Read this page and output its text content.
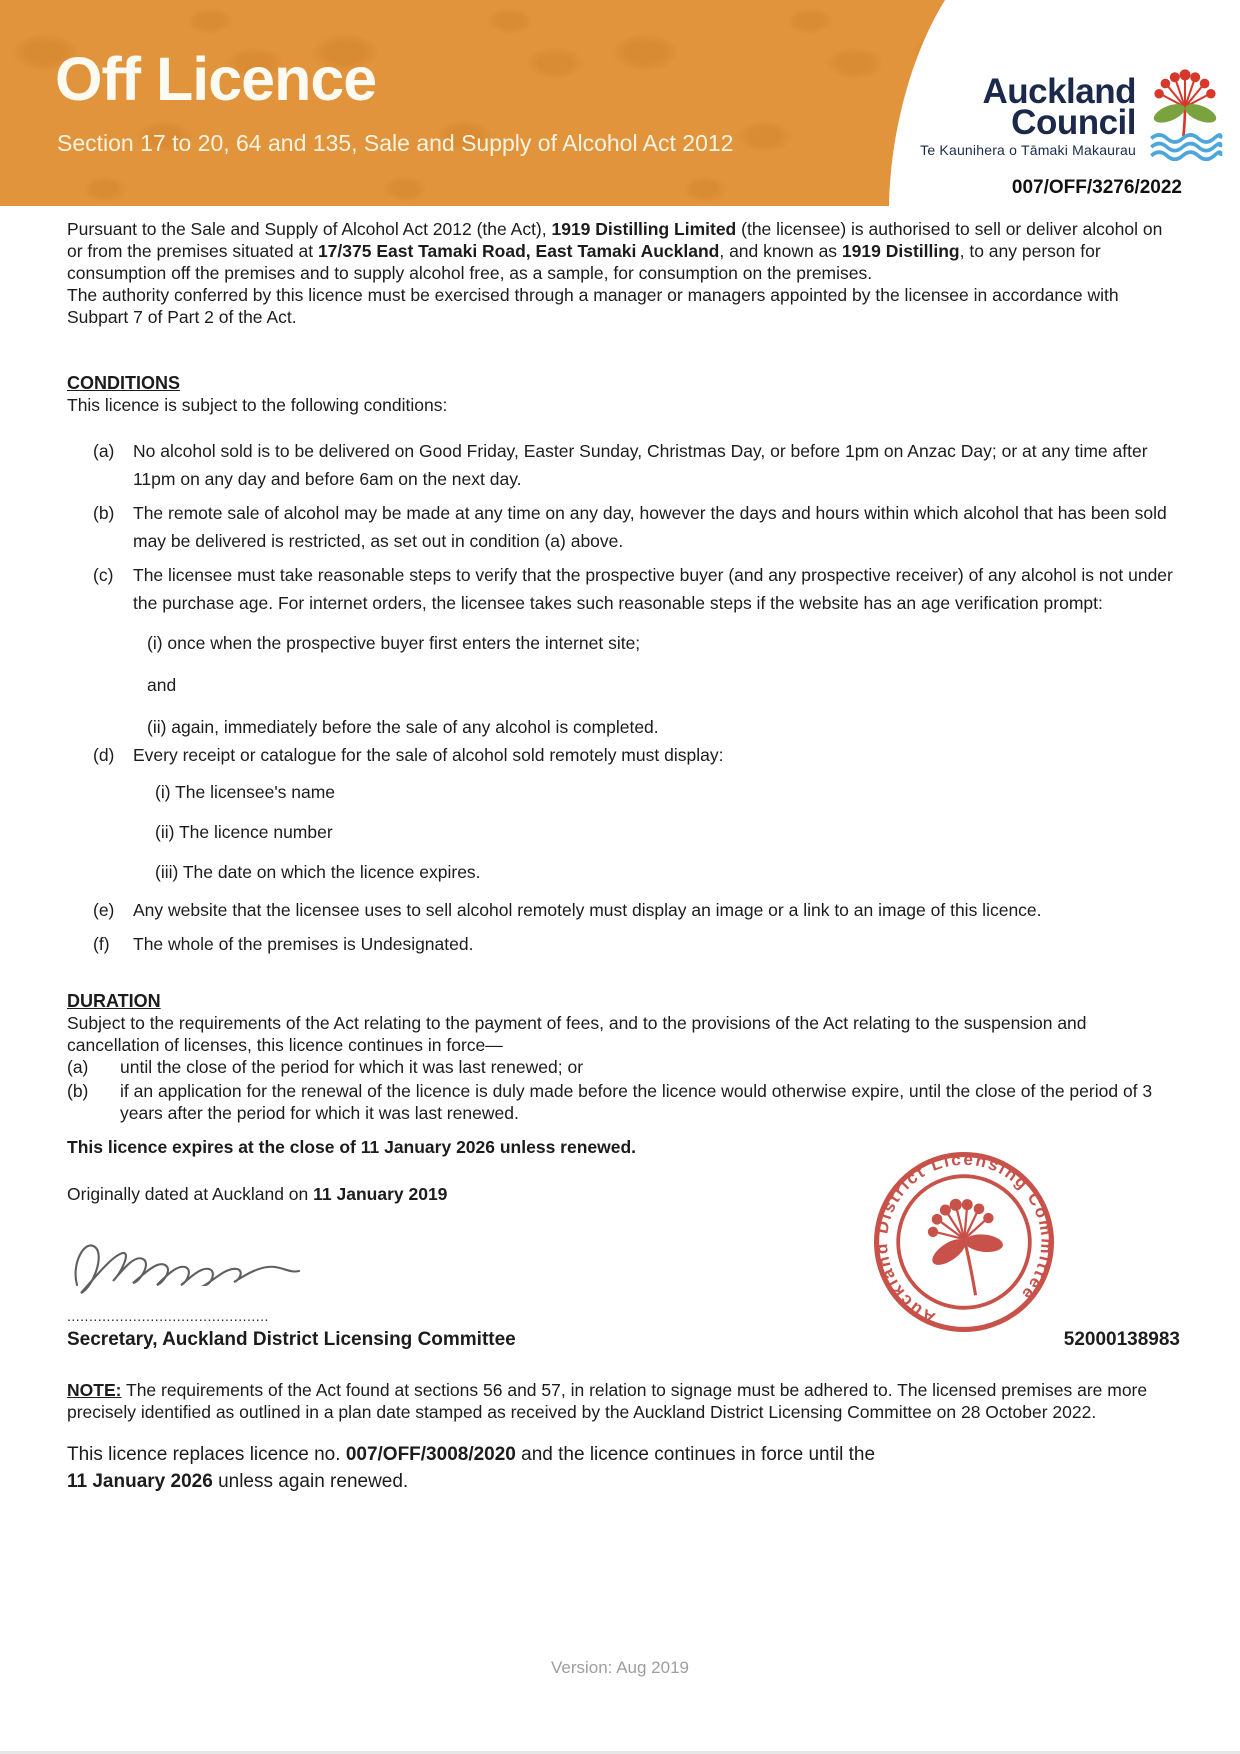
Off Licence
Section 17 to 20, 64 and 135, Sale and Supply of Alcohol Act 2012
Auckland
Council
Te Kaunihera o Tāmaki Makaurau
007/OFF/3276/2022
Pursuant to the Sale and Supply of Alcohol Act 2012 (the Act), 1919 Distilling Limited (the licensee) is authorised to sell or deliver alcohol on or from the premises situated at 17/375 East Tamaki Road, East Tamaki Auckland, and known as 1919 Distilling, to any person for consumption off the premises and to supply alcohol free, as a sample, for consumption on the premises.
The authority conferred by this licence must be exercised through a manager or managers appointed by the licensee in accordance with Subpart 7 of Part 2 of the Act.
CONDITIONS

This licence is subject to the following conditions:

(a)	No alcohol sold is to be delivered on Good Friday, Easter Sunday, Christmas Day, or before 1pm on Anzac Day; or at any time after 11pm on any day and before 6am on the next day.
(b)	The remote sale of alcohol may be made at any time on any day, however the days and hours within which alcohol that has been sold may be delivered is restricted, as set out in condition (a) above.
(c)	The licensee must take reasonable steps to verify that the prospective buyer (and any prospective receiver) of any alcohol is not under the purchase age. For internet orders, the licensee takes such reasonable steps if the website has an age verification prompt:
(i) once when the prospective buyer first enters the internet site;
and
(ii) again, immediately before the sale of any alcohol is completed.
(d)	Every receipt or catalogue for the sale of alcohol sold remotely must display:
(i) The licensee's name
(ii) The licence number
(iii) The date on which the licence expires.
(e)	Any website that the licensee uses to sell alcohol remotely must display an image or a link to an image of this licence.
(f)	The whole of the premises is Undesignated.
DURATION

Subject to the requirements of the Act relating to the payment of fees, and to the provisions of the Act relating to the suspension and cancellation of licenses, this licence continues in force—

(a)	until the close of the period for which it was last renewed; or
(b)	if an application for the renewal of the licence is duly made before the licence would otherwise expire, until the close of the period of 3 years after the period for which it was last renewed.

This licence expires at the close of 11 January 2026 unless renewed.

Originally dated at Auckland on 11 January 2019

..............................................
Secretary, Auckland District Licensing Committee	52000138983

NOTE: The requirements of the Act found at sections 56 and 57, in relation to signage must be adhered to. The licensed premises are more precisely identified as outlined in a plan date stamped as received by the Auckland District Licensing Committee on 28 October 2022.

This licence replaces licence no. 007/OFF/3008/2020 and the licence continues in force until the
11 January 2026 unless again renewed.

Auckland District Licensing Committee
Version: Aug 2019
